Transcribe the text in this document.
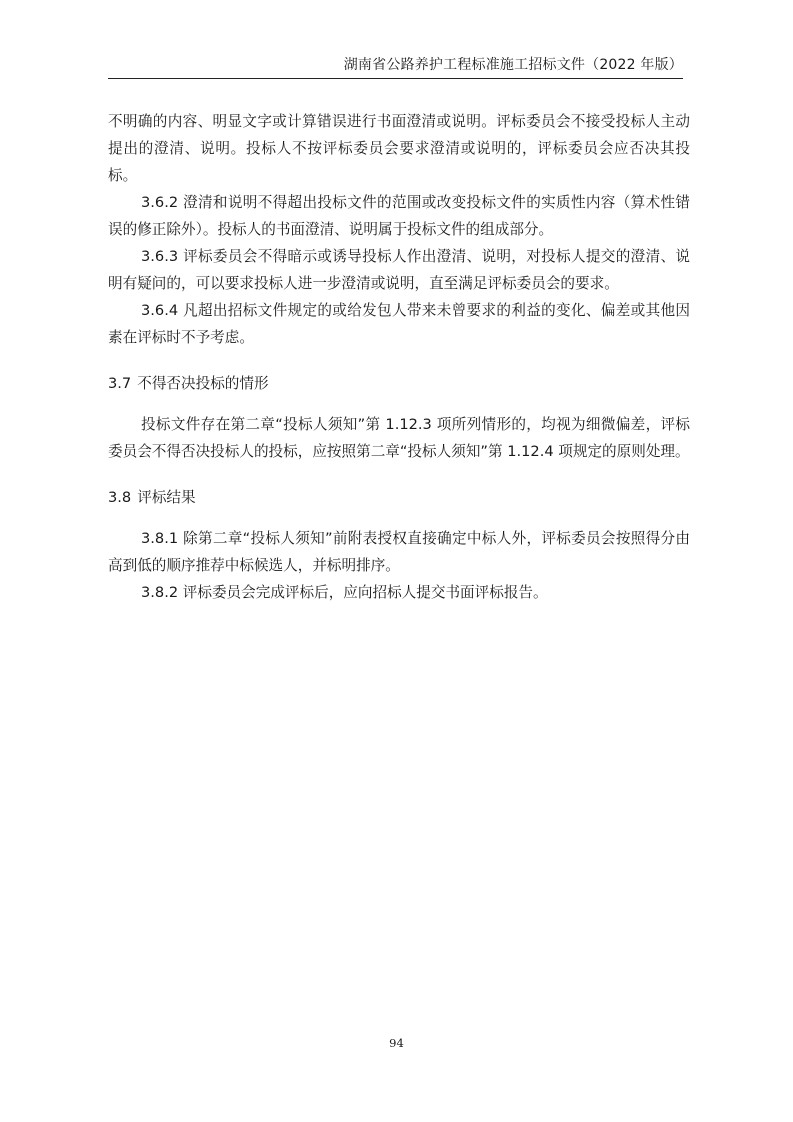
湖南省公路养护工程标准施工招标文件（2022 年版）

不明确的内容、明显文字或计算错误进行书面澄清或说明。评标委员会不接受投标人主动提出的澄清、说明。投标人不按评标委员会要求澄清或说明的，评标委员会应否决其投标。

3.6.2 澄清和说明不得超出投标文件的范围或改变投标文件的实质性内容（算术性错误的修正除外）。投标人的书面澄清、说明属于投标文件的组成部分。

3.6.3 评标委员会不得暗示或诱导投标人作出澄清、说明，对投标人提交的澄清、说明有疑问的，可以要求投标人进一步澄清或说明，直至满足评标委员会的要求。

3.6.4 凡超出招标文件规定的或给发包人带来未曾要求的利益的变化、偏差或其他因素在评标时不予考虑。

3.7 不得否决投标的情形

投标文件存在第二章“投标人须知”第 1.12.3 项所列情形的，均视为细微偏差，评标委员会不得否决投标人的投标，应按照第二章“投标人须知”第 1.12.4 项规定的原则处理。

3.8 评标结果

3.8.1 除第二章“投标人须知”前附表授权直接确定中标人外，评标委员会按照得分由高到低的顺序推荐中标候选人，并标明排序。

3.8.2 评标委员会完成评标后，应向招标人提交书面评标报告。

94
